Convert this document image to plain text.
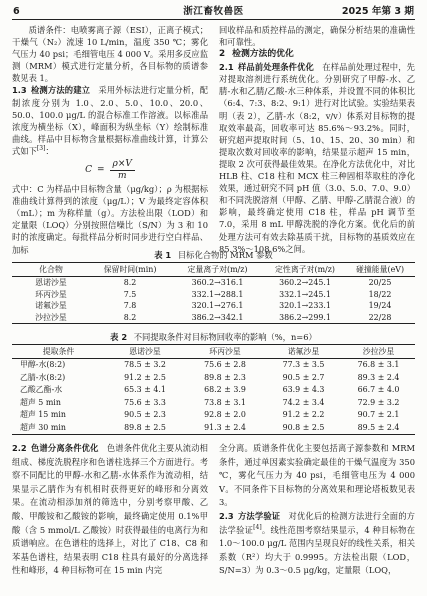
6	浙江畜牧兽医	2025 年第 3 期

质谱条件：电喷雾离子源（ESI），正离子模式；干燥气（N₂）流速 10 L/min，温度 350 ℃；雾化气压力 40 psi；毛细管电压 4 000 V。采用多反应监测（MRM）模式进行定量分析，各目标物的质谱参数见表 1。

1.3 检测方法的建立 采用外标法进行定量分析，配制浓度分别为 1.0、2.0、5.0、10.0、20.0、50.0、100.0 μg/L 的混合标准工作溶液。以标准品浓度为横坐标（X），峰面积为纵坐标（Y）绘制标准曲线。样品中目标物含量根据标准曲线计算，计算公式如下[3]：

$C = \frac{\rho\times V}{m}$

式中：C 为样品中目标物含量（μg/kg）；ρ 为根据标准曲线计算得到的浓度（μg/L）；V 为最终定容体积（mL）；m 为称样量（g）。方法检出限（LOD）和定量限（LOQ）分别按照信噪比（S/N）为 3 和 10 时的浓度确定。每批样品分析时同步进行空白样品、加标

回收样品和质控样品的测定，确保分析结果的准确性和可靠性。

2 检测方法的优化

2.1 样品前处理条件优化 在样品前处理过程中，先对提取溶剂进行系统优化。分别研究了甲醇-水、乙腈-水和乙腈/乙酸-水三种体系，并设置不同的体积比（6:4、7:3、8:2、9:1）进行对比试验。实验结果表明（表 2），乙腈-水（8:2，v/v）体系对目标物的提取效率最高，回收率可达 85.6%～93.2%。同时，研究超声提取时间（5、10、15、20、30 min）和提取次数对回收率的影响，结果显示超声 15 min，提取 2 次可获得最佳效果。在净化方法优化中，对比 HLB 柱、C18 柱和 MCX 柱三种固相萃取柱的净化效果，通过研究不同 pH 值（3.0、5.0、7.0、9.0）和不同洗脱溶剂（甲醇、乙腈、甲醇-乙腈混合液）的影响，最终确定使用 C18 柱，样品 pH 调节至 7.0，采用 8 mL 甲醇洗脱的净化方案。优化后的前处理方法可有效去除基质干扰，目标物的基质效应在 85.3%～108.6%之间。

表 1 目标化合物的 MRM 参数
化合物	保留时间(min)	定量离子对(m/z)	定性离子对(m/z)	碰撞能量(eV)
恩诺沙星	8.2	360.2→316.1	360.2→245.1	20/25
环丙沙星	7.5	332.1→288.1	332.1→245.1	18/22
诺氟沙星	7.8	320.1→276.1	320.1→233.1	19/24
沙拉沙星	8.2	386.2→342.1	386.2→299.1	22/28
表 2 不同提取条件对目标物回收率的影响（%，n=6）
提取条件	恩诺沙星	环丙沙星	诺氟沙星	沙拉沙星
甲醇-水(8:2)	78.5 ± 3.2	75.6 ± 2.8	77.3 ± 3.5	76.8 ± 3.1
乙腈-水(8:2)	91.2 ± 2.5	89.8 ± 2.3	90.5 ± 2.7	89.3 ± 2.4
乙酸乙酯-水	65.3 ± 4.1	68.2 ± 3.9	63.9 ± 4.3	66.7 ± 4.0
超声 5 min	75.6 ± 3.3	73.8 ± 3.1	74.2 ± 3.4	72.9 ± 3.2
超声 15 min	90.5 ± 2.3	92.8 ± 2.0	91.2 ± 2.2	90.7 ± 2.1
超声 30 min	89.8 ± 2.5	91.3 ± 2.4	90.8 ± 2.5	89.5 ± 2.4

2.2 色谱分离条件优化 色谱条件优化主要从流动相组成、梯度洗脱程序和色谱柱选择三个方面进行。考察不同配比的甲醇-水和乙腈-水体系作为流动相，结果显示乙腈作为有机相时获得更好的峰形和分离效果。在流动相添加剂的筛选中，分别考察甲酸、乙酸、甲酸铵和乙酸铵的影响，最终确定使用 0.1%甲酸（含 5 mmol/L 乙酸铵）时获得最佳的电离行为和质谱响应。在色谱柱的选择上，对比了 C18、C8 和苯基色谱柱，结果表明 C18 柱具有最好的分离选择性和峰形，4 种目标物可在 15 min 内完

全分离。质谱条件优化主要包括离子源参数和 MRM 条件，通过单因素实验确定最佳的干燥气温度为 350 ℃，雾化气压力为 40 psi，毛细管电压为 4 000 V。不同条件下目标物的分离效果和理论塔板数见表 3。

2.3 方法学验证 对优化后的检测方法进行全面的方法学验证[4]。线性范围考察结果显示，4 种目标物在 1.0～100.0 μg/L 范围内呈现良好的线性关系，相关系数（R²）均大于 0.9995。方法检出限（LOD，S/N=3）为 0.3～0.5 μg/kg，定量限（LOQ，
